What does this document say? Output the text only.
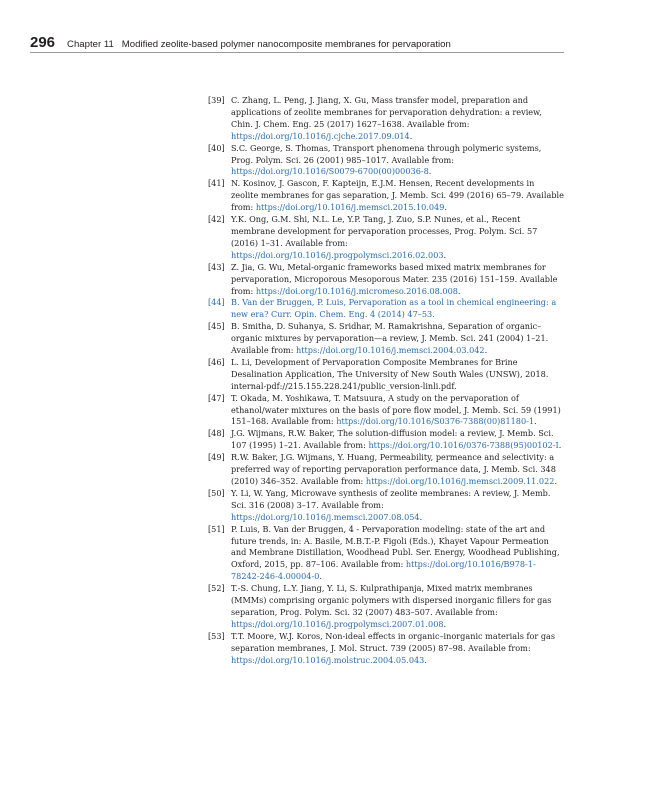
296 Chapter 11 Modified zeolite-based polymer nanocomposite membranes for pervaporation
[39] C. Zhang, L. Peng, J. Jiang, X. Gu, Mass transfer model, preparation and applications of zeolite membranes for pervaporation dehydration: a review, Chin. J. Chem. Eng. 25 (2017) 1627–1638. Available from: https://doi.org/10.1016/j.cjche.2017.09.014.
[40] S.C. George, S. Thomas, Transport phenomena through polymeric systems, Prog. Polym. Sci. 26 (2001) 985–1017. Available from: https://doi.org/10.1016/S0079-6700(00)00036-8.
[41] N. Kosinov, J. Gascon, F. Kapteijn, E.J.M. Hensen, Recent developments in zeolite membranes for gas separation, J. Memb. Sci. 499 (2016) 65–79. Available from: https://doi.org/10.1016/j.memsci.2015.10.049.
[42] Y.K. Ong, G.M. Shi, N.L. Le, Y.P. Tang, J. Zuo, S.P. Nunes, et al., Recent membrane development for pervaporation processes, Prog. Polym. Sci. 57 (2016) 1–31. Available from: https://doi.org/10.1016/j.progpolymsci.2016.02.003.
[43] Z. Jia, G. Wu, Metal-organic frameworks based mixed matrix membranes for pervaporation, Microporous Mesoporous Mater. 235 (2016) 151–159. Available from: https://doi.org/10.1016/j.micromeso.2016.08.008.
[44] B. Van der Bruggen, P. Luis, Pervaporation as a tool in chemical engineering: a new era? Curr. Opin. Chem. Eng. 4 (2014) 47–53.
[45] B. Smitha, D. Suhanya, S. Sridhar, M. Ramakrishna, Separation of organic–organic mixtures by pervaporation—a review, J. Memb. Sci. 241 (2004) 1–21. Available from: https://doi.org/10.1016/j.memsci.2004.03.042.
[46] L. Li, Development of Pervaporation Composite Membranes for Brine Desalination Application, The University of New South Wales (UNSW), 2018. internal-pdf://215.155.228.241/public_version-linli.pdf.
[47] T. Okada, M. Yoshikawa, T. Matsuura, A study on the pervaporation of ethanol/water mixtures on the basis of pore flow model, J. Memb. Sci. 59 (1991) 151–168. Available from: https://doi.org/10.1016/S0376-7388(00)81180-1.
[48] J.G. Wijmans, R.W. Baker, The solution-diffusion model: a review, J. Memb. Sci. 107 (1995) 1–21. Available from: https://doi.org/10.1016/0376-7388(95)00102-I.
[49] R.W. Baker, J.G. Wijmans, Y. Huang, Permeability, permeance and selectivity: a preferred way of reporting pervaporation performance data, J. Memb. Sci. 348 (2010) 346–352. Available from: https://doi.org/10.1016/j.memsci.2009.11.022.
[50] Y. Li, W. Yang, Microwave synthesis of zeolite membranes: A review, J. Memb. Sci. 316 (2008) 3–17. Available from: https://doi.org/10.1016/j.memsci.2007.08.054.
[51] P. Luis, B. Van der Bruggen, 4 - Pervaporation modeling: state of the art and future trends, in: A. Basile, M.B.T.-P. Figoli (Eds.), Khayet Vapour Permeation and Membrane Distillation, Woodhead Publ. Ser. Energy, Woodhead Publishing, Oxford, 2015, pp. 87–106. Available from: https://doi.org/10.1016/B978-1-78242-246-4.00004-0.
[52] T.-S. Chung, L.Y. Jiang, Y. Li, S. Kulprathipanja, Mixed matrix membranes (MMMs) comprising organic polymers with dispersed inorganic fillers for gas separation, Prog. Polym. Sci. 32 (2007) 483–507. Available from: https://doi.org/10.1016/j.progpolymsci.2007.01.008.
[53] T.T. Moore, W.J. Koros, Non-ideal effects in organic–inorganic materials for gas separation membranes, J. Mol. Struct. 739 (2005) 87–98. Available from: https://doi.org/10.1016/j.molstruc.2004.05.043.
